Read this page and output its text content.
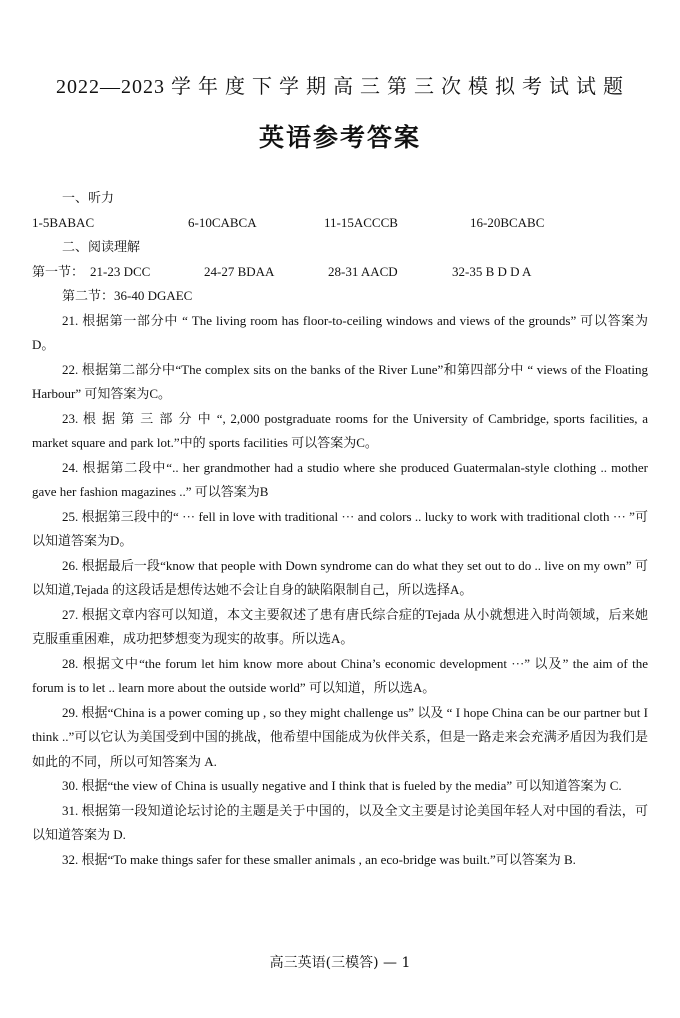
2022—2023 学 年 度 下 学 期 高 三 第 三 次 模 拟 考 试 试 题
英语参考答案
一、听力
1-5BABAC	6-10CABCA	11-15ACCCB	16-20BCABC
二、阅读理解
第一节： 21-23 DCC	24-27 BDAA	28-31 AACD	32-35 B D D A
第二节：36-40 DGAEC

21. 根据第一部分中 “ The living room has floor-to-ceiling windows and views of the grounds” 可以答案为D。

22. 根据第二部分中“The complex sits on the banks of the River Lune”和第四部分中 “ views of the Floating Harbour” 可知答案为C。

23. 根 据 第 三 部 分 中 “, 2,000 postgraduate rooms for the University of Cambridge, sports facilities, a market square and park lot.”中的 sports facilities 可以答案为C。

24. 根据第二段中“.. her grandmother had a studio where she produced Guatermalan-style clothing .. mother gave her fashion magazines ..” 可以答案为B

25. 根据第三段中的“ ··· fell in love with traditional ··· and colors .. lucky to work with traditional cloth ··· ”可以知道答案为D。

26. 根据最后一段“know that people with Down syndrome can do what they set out to do .. live on my own” 可以知道,Tejada 的这段话是想传达她不会让自身的缺陷限制自己，所以选择A。

27. 根据文章内容可以知道，本文主要叙述了患有唐氏综合症的Tejada 从小就想进入时尚领域，后来她克服重重困难，成功把梦想变为现实的故事。所以选A。

28. 根据文中“the forum let him know more about China’s economic development ···” 以及” the aim of the forum is to let .. learn more about the outside world” 可以知道，所以选A。

29. 根据“China is a power coming up , so they might challenge us” 以及 “ I hope China can be our partner but I think ..”可以它认为美国受到中国的挑战，他希望中国能成为伙伴关系，但是一路走来会充满矛盾因为我们是如此的不同，所以可知答案为 A.

30. 根据“the view of China is usually negative and I think that is fueled by the media” 可以知道答案为 C.

31. 根据第一段知道论坛讨论的主题是关于中国的，以及全文主要是讨论美国年轻人对中国的看法，可以知道答案为 D.

32. 根据“To make things safer for these smaller animals , an eco-bridge was built.”可以答案为 B.

高三英语(三模答) — 1
